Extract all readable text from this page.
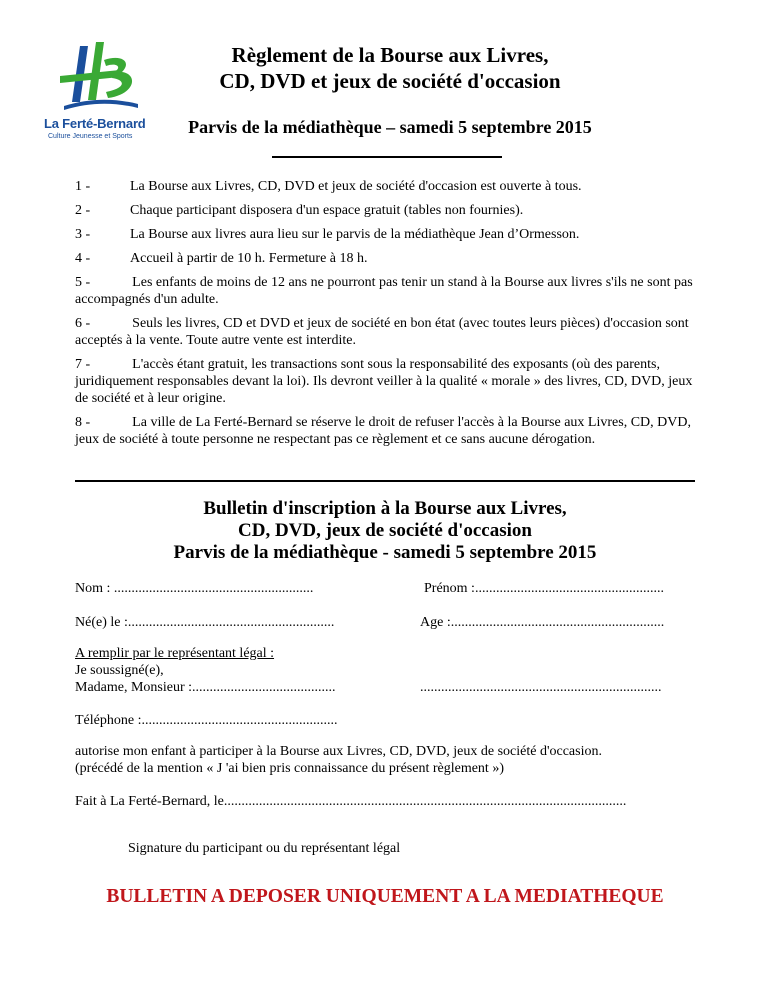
La Ferté-Bernard
Culture Jeunesse et Sports
Règlement de la Bourse aux Livres,
CD, DVD et jeux de société d'occasion
Parvis de la médiathèque – samedi 5 septembre 2015
1 -	La Bourse aux Livres, CD, DVD et jeux de société d'occasion est ouverte à tous.
2 -	Chaque participant disposera d'un espace gratuit (tables non fournies).
3 -	La Bourse aux livres aura lieu sur le parvis de la médiathèque Jean d’Ormesson.
4 -	Accueil à partir de 10 h. Fermeture à 18 h.
5 -	Les enfants de moins de 12 ans ne pourront pas tenir un stand à la Bourse aux livres s'ils ne sont pas accompagnés d'un adulte.
6 -	Seuls les livres, CD et DVD et jeux de société en bon état (avec toutes leurs pièces) d'occasion sont acceptés à la vente. Toute autre vente est interdite.
7 -	L'accès étant gratuit, les transactions sont sous la responsabilité des exposants (où des parents, juridiquement responsables devant la loi). Ils devront veiller à la qualité « morale » des livres, CD, DVD, jeux de société et à leur origine.
8 -	La ville de La Ferté-Bernard se réserve le droit de refuser l'accès à la Bourse aux Livres, CD, DVD, jeux de société à toute personne ne respectant pas ce règlement et ce sans aucune dérogation.
Bulletin d'inscription à la Bourse aux Livres,
CD, DVD, jeux de société d'occasion
Parvis de la médiathèque - samedi 5 septembre 2015
Nom : .........................................................	Prénom :......................................................
Né(e) le :...........................................................	Age :.............................................................
A remplir par le représentant légal :
Je soussigné(e),
Madame, Monsieur :.........................................	.....................................................................
Téléphone :........................................................
autorise mon enfant à participer à la Bourse aux Livres, CD, DVD, jeux de société d'occasion.
(précédé de la mention « J 'ai bien pris connaissance du présent règlement »)
Fait à La Ferté-Bernard, le...................................................................................................................
Signature du participant ou du représentant légal
BULLETIN A DEPOSER UNIQUEMENT A LA MEDIATHEQUE
